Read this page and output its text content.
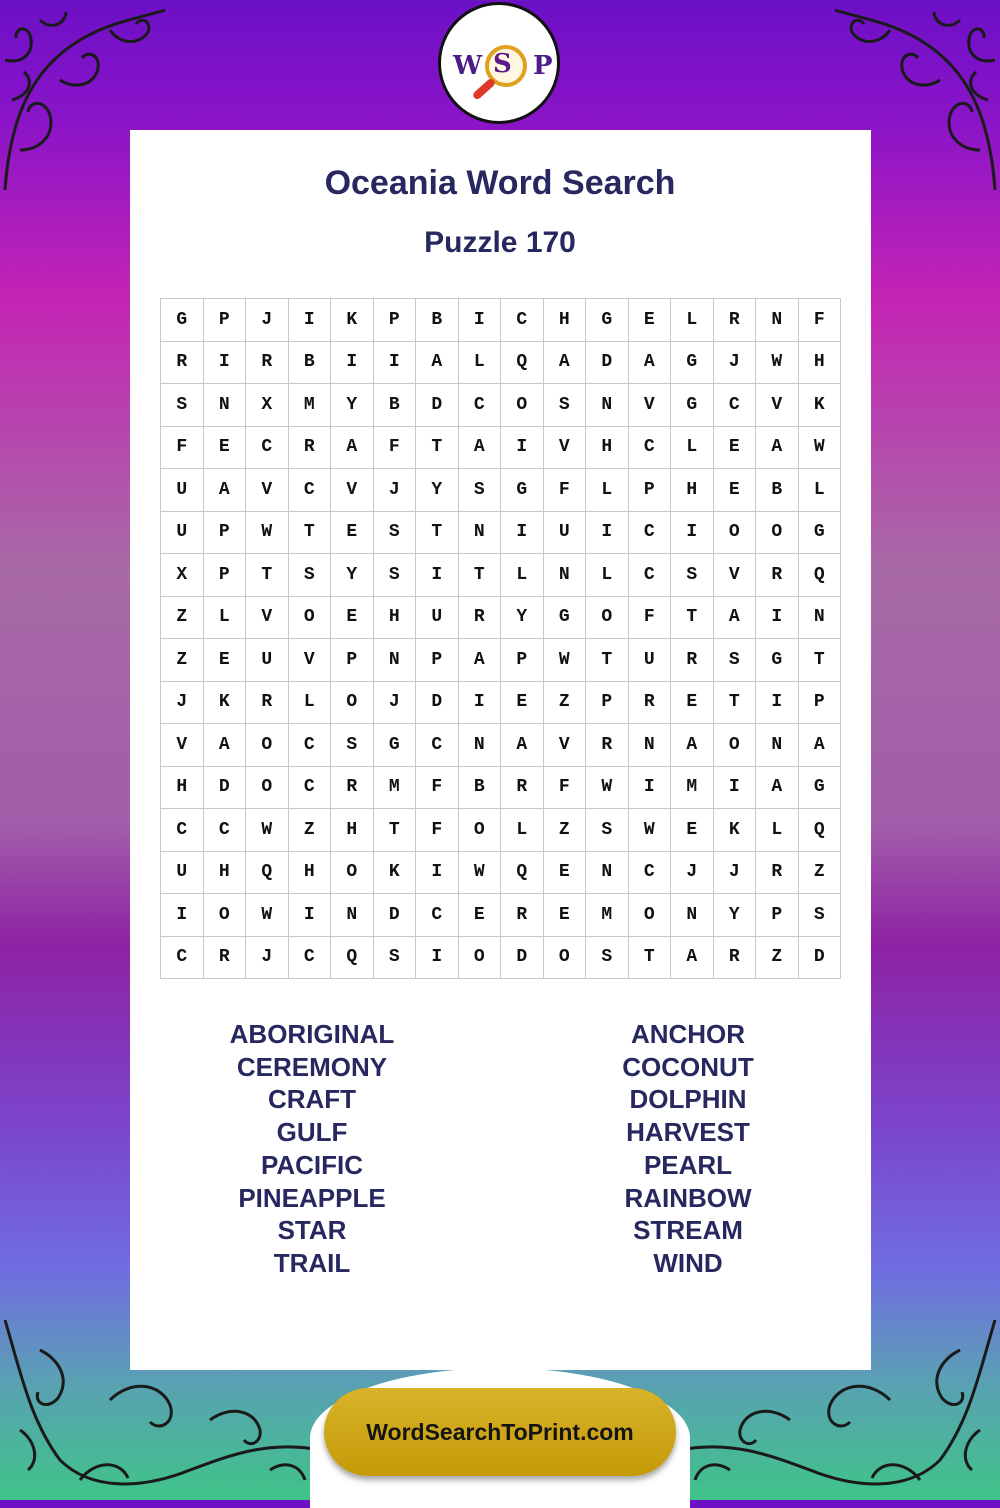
W S P
Oceania Word Search
Puzzle 170
G	P	J	I	K	P	B	I	C	H	G	E	L	R	N	F
R	I	R	B	I	I	A	L	Q	A	D	A	G	J	W	H
S	N	X	M	Y	B	D	C	O	S	N	V	G	C	V	K
F	E	C	R	A	F	T	A	I	V	H	C	L	E	A	W
U	A	V	C	V	J	Y	S	G	F	L	P	H	E	B	L
U	P	W	T	E	S	T	N	I	U	I	C	I	O	O	G
X	P	T	S	Y	S	I	T	L	N	L	C	S	V	R	Q
Z	L	V	O	E	H	U	R	Y	G	O	F	T	A	I	N
Z	E	U	V	P	N	P	A	P	W	T	U	R	S	G	T
J	K	R	L	O	J	D	I	E	Z	P	R	E	T	I	P
V	A	O	C	S	G	C	N	A	V	R	N	A	O	N	A
H	D	O	C	R	M	F	B	R	F	W	I	M	I	A	G
C	C	W	Z	H	T	F	O	L	Z	S	W	E	K	L	Q
U	H	Q	H	O	K	I	W	Q	E	N	C	J	J	R	Z
I	O	W	I	N	D	C	E	R	E	M	O	N	Y	P	S
C	R	J	C	Q	S	I	O	D	O	S	T	A	R	Z	D
ABORIGINAL
CEREMONY
CRAFT
GULF
PACIFIC
PINEAPPLE
STAR
TRAIL
ANCHOR
COCONUT
DOLPHIN
HARVEST
PEARL
RAINBOW
STREAM
WIND
WordSearchToPrint.com
